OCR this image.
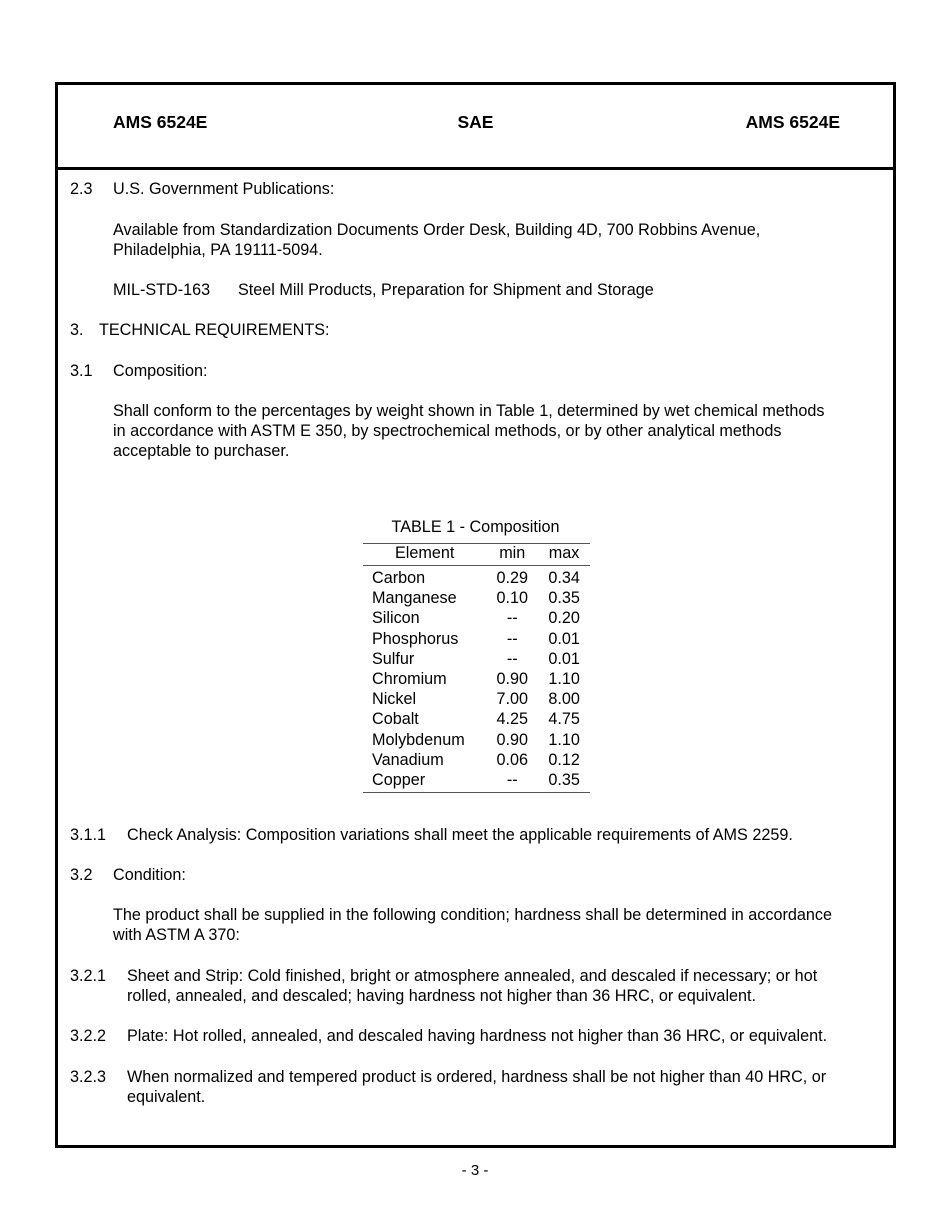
AMS 6524E	SAE	AMS 6524E
2.3 U.S. Government Publications:
Available from Standardization Documents Order Desk, Building 4D, 700 Robbins Avenue,
Philadelphia, PA 19111-5094.
MIL-STD-163 Steel Mill Products, Preparation for Shipment and Storage
3. TECHNICAL REQUIREMENTS:
3.1 Composition:
Shall conform to the percentages by weight shown in Table 1, determined by wet chemical methods
in accordance with ASTM E 350, by spectrochemical methods, or by other analytical methods
acceptable to purchaser.
TABLE 1 - Composition
Element	min	max
Carbon	0.29	0.34
Manganese	0.10	0.35
Silicon	--	0.20
Phosphorus	--	0.01
Sulfur	--	0.01
Chromium	0.90	1.10
Nickel	7.00	8.00
Cobalt	4.25	4.75
Molybdenum	0.90	1.10
Vanadium	0.06	0.12
Copper	--	0.35
3.1.1 Check Analysis: Composition variations shall meet the applicable requirements of AMS 2259.
3.2 Condition:
The product shall be supplied in the following condition; hardness shall be determined in accordance
with ASTM A 370:
3.2.1 Sheet and Strip: Cold finished, bright or atmosphere annealed, and descaled if necessary; or hot
rolled, annealed, and descaled; having hardness not higher than 36 HRC, or equivalent.
3.2.2 Plate: Hot rolled, annealed, and descaled having hardness not higher than 36 HRC, or equivalent.
3.2.3 When normalized and tempered product is ordered, hardness shall be not higher than 40 HRC, or
equivalent.
- 3 -
